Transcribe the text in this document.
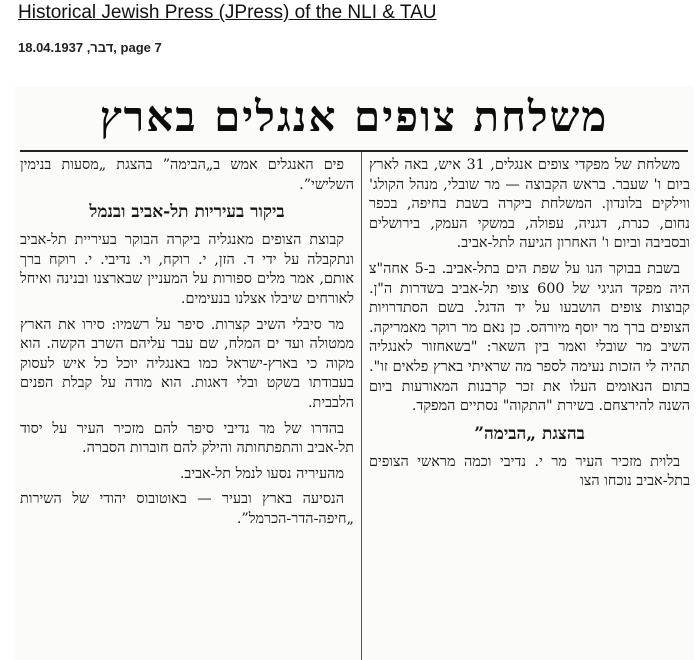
Historical Jewish Press (JPress) of the NLI & TAU
דבר, 18.04.1937, page 7
משלחת צופים אנגלים בארץ

משלחת של מפקדי צופים אנגלים, 31 איש, באה לארץ ביום ו' שעבר. בראש הקבוצה — מר שובלי, מנהל הקולג' ווילקים בלונדון. המשלחת ביקרה בשבת בחיפה, בכפר נחום, כנרת, דגניה, עפולה, במשקי העמק, בירושלים ובסביבה וביום ו' האחרון הגיעה לתל-אביב.

בשבת בבוקר הנו על שפת הים בתל-אביב. ב-5 אחה"צ היה מפקד הגיגי של 600 צופי תל-אביב בשדרות ה"ן. קבוצות צופים הושבעו על יד הדגל. בשם הסתדרויות הצופים ברך מר יוסף מיורהס. כן נאם מר רוקר מאמריקה. השיב מר שובלי ואמר בין השאר: "בשאחזור לאנגליה תהיה לי הזכות נעימה לספר מה שראיתי בארץ פלאים זו". בתום הנאומים העלו את זכר קרבנות המאורעות ביום השנה להירצחם. בשירת "התקוה" נסתיים המפקד.

בהצגת „הבימה”

בלוית מזכיר העיר מר י. נדיבי וכמה מראשי הצופים בתל-אביב נוכחו הצו

פים האנגלים אמש ב„הבימה” בהצגת „מסעות בנימין השלישי”.

ביקור בעיריות תל-אביב ובנמל

קבוצת הצופים מאנגליה ביקרה הבוקר בעיריית תל-אביב ונתקבלה על ידי ד. הזן, י. רוקח, וי. נדיבי. י. רוקח ברך אותם, אמר מלים ספורות על המעניין שבארצנו ובנינה ואיחל לאורחים שיבלו אצלנו בנעימים.

מר סיבלי השיב קצרות. סיפר על רשמיו: סירו את הארץ ממטולה ועד ים המלח, שם עבר עליהם השרב הקשה. הוא מקוה כי בארץ-ישראל כמו באנגליה יוכל כל איש לעסוק בעבודתו בשקט ובלי דאגות. הוא מודה על קבלת הפנים הלבבית.

בהדרו של מר נדיבי סיפר להם מזכיר העיר על יסוד תל-אביב והתפתחותה והילק להם חוברות הסברה.

מהעיריה נסעו לנמל תל-אביב.

הנסיעה בארץ ובעיר — באוטובוס יהודי של השירות „חיפה-הדר-הכרמל”.
